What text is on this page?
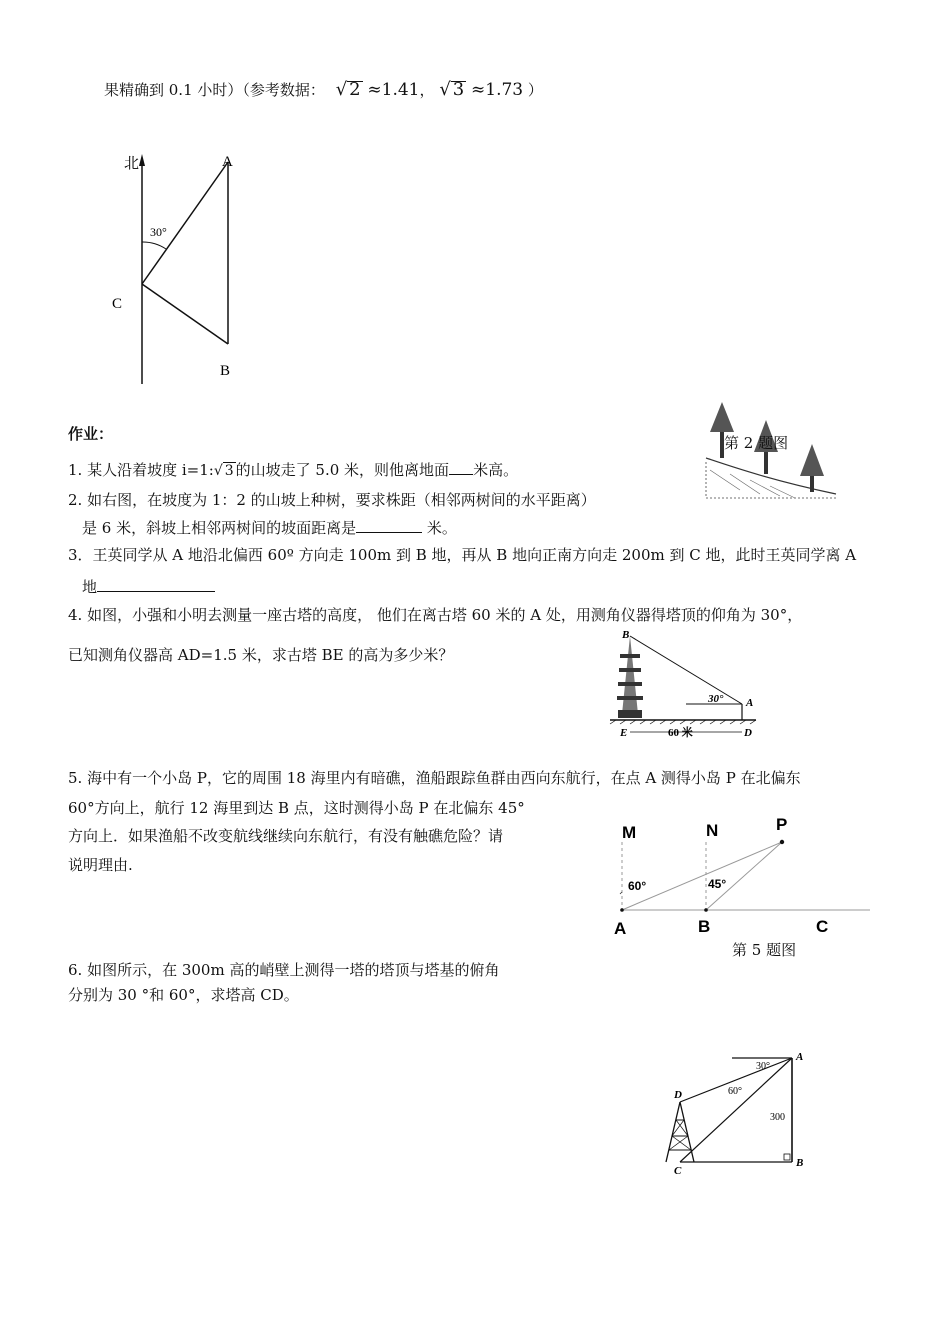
果精确到 0.1 小时）（参考数据： √ 2 ≈1.41， √ 3 ≈1.73 ）
北	A
30°
C
B
作业：	第 2 题图
1. 某人沿着坡度 i=1:√ 3 的山坡走了 5.0 米，则他离地面 米高。
2. 如右图，在坡度为 1：2 的山坡上种树，要求株距（相邻两树间的水平距离）
是 6 米，斜坡上相邻两树间的坡面距离是	米。
3．王英同学从 A 地沿北偏西 60º 方向走 100m 到 B 地，再从 B 地向正南方向走 200m 到 C 地，此时王英同学离 A
地
4. 如图，小强和小明去测量一座古塔的高度， 他们在离古塔 60 米的 A 处，用测角仪器得塔顶的仰角为 30°，
已知测角仪器高 AD=1.5 米，求古塔 BE 的高为多少米？
B
30° A
E	60 米	D
5. 海中有一个小岛 P，它的周围 18 海里内有暗礁，渔船跟踪鱼群由西向东航行，在点 A 测得小岛 P 在北偏东
60°方向上，航行 12 海里到达 B 点，这时测得小岛 P 在北偏东 45°
方向上．如果渔船不改变航线继续向东航行，有没有触礁危险？请
说明理由.
M	N	P
60°	45°
A	B	C
第 5 题图
6. 如图所示，在 300m 高的峭壁上测得一塔的塔顶与塔基的俯角
分别为 30 °和 60°，求塔高 CD。
A
30°
60°
D
300
C
B
